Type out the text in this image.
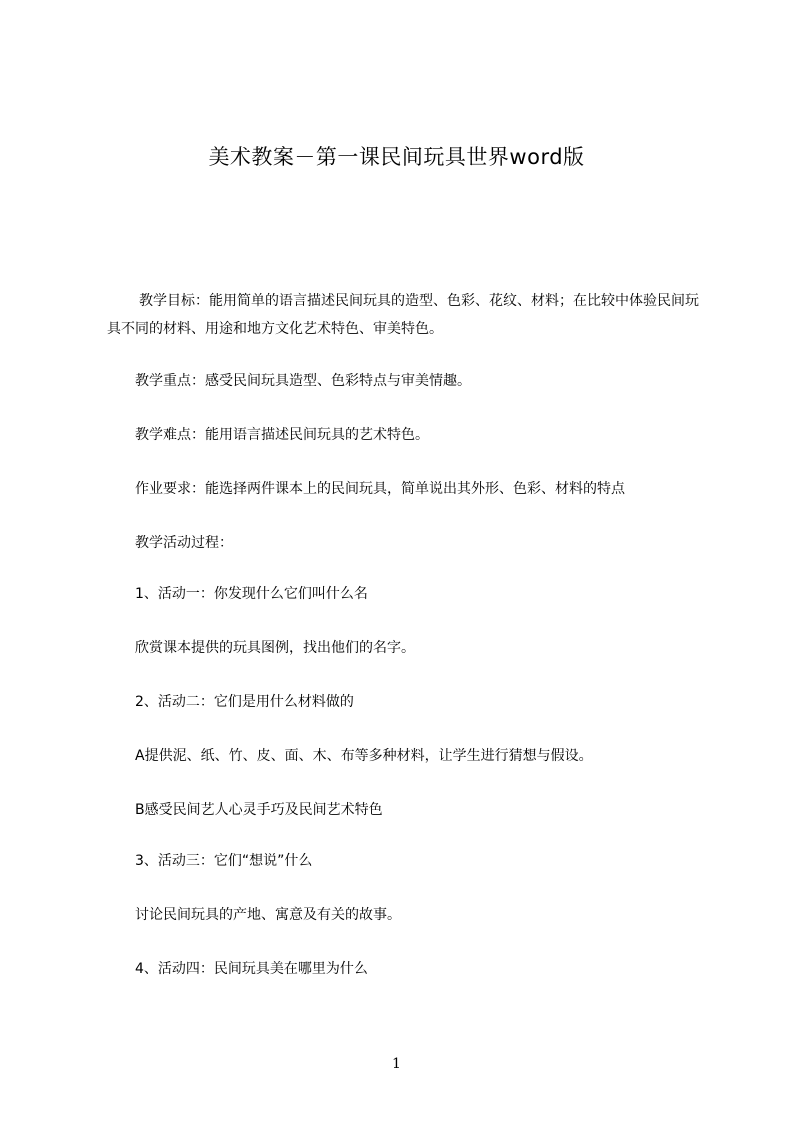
美术教案－第一课民间玩具世界word版
教学目标：能用简单的语言描述民间玩具的造型、色彩、花纹、材料；在比较中体验民间玩具不同的材料、用途和地方文化艺术特色、审美特色。
教学重点：感受民间玩具造型、色彩特点与审美情趣。
教学难点：能用语言描述民间玩具的艺术特色。
作业要求：能选择两件课本上的民间玩具，简单说出其外形、色彩、材料的特点
教学活动过程：
1、活动一：你发现什么它们叫什么名
欣赏课本提供的玩具图例，找出他们的名字。
2、活动二：它们是用什么材料做的
A提供泥、纸、竹、皮、面、木、布等多种材料，让学生进行猜想与假设。
B感受民间艺人心灵手巧及民间艺术特色
3、活动三：它们“想说”什么
讨论民间玩具的产地、寓意及有关的故事。
4、活动四：民间玩具美在哪里为什么
1
